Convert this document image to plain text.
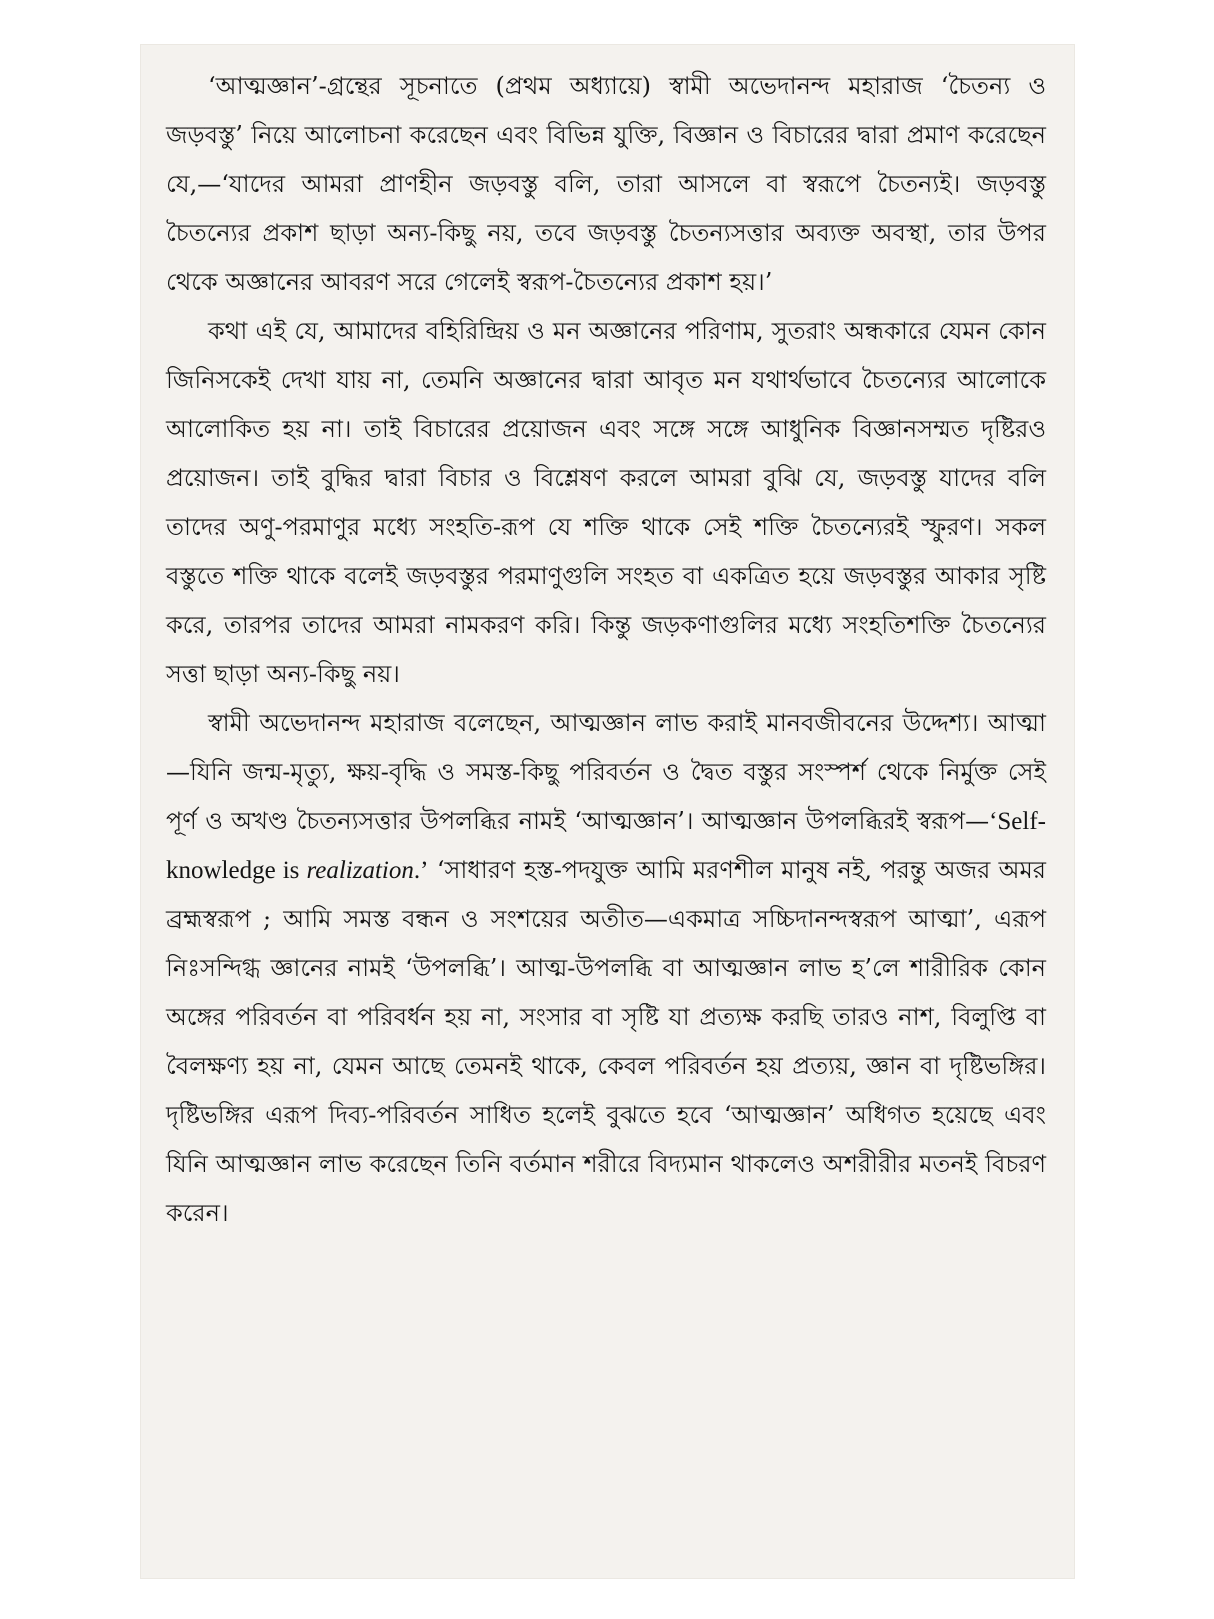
‘আত্মজ্ঞান’-গ্রন্থের সূচনাতে (প্রথম অধ্যায়ে) স্বামী অভেদানন্দ মহারাজ ‘চৈতন্য ও জড়বস্তু’ নিয়ে আলোচনা করেছেন এবং বিভিন্ন যুক্তি, বিজ্ঞান ও বিচারের দ্বারা প্রমাণ করেছেন যে,—‘যাদের আমরা প্রাণহীন জড়বস্তু বলি, তারা আসলে বা স্বরূপে চৈতন্যই। জড়বস্তু চৈতন্যের প্রকাশ ছাড়া অন্য-কিছু নয়, তবে জড়বস্তু চৈতন্যসত্তার অব্যক্ত অবস্থা, তার উপর থেকে অজ্ঞানের আবরণ সরে গেলেই স্বরূপ-চৈতন্যের প্রকাশ হয়।’

কথা এই যে, আমাদের বহিরিন্দ্রিয় ও মন অজ্ঞানের পরিণাম, সুতরাং অন্ধকারে যেমন কোন জিনিসকেই দেখা যায় না, তেমনি অজ্ঞানের দ্বারা আবৃত মন যথার্থভাবে চৈতন্যের আলোকে আলোকিত হয় না। তাই বিচারের প্রয়োজন এবং সঙ্গে সঙ্গে আধুনিক বিজ্ঞানসম্মত দৃষ্টিরও প্রয়োজন। তাই বুদ্ধির দ্বারা বিচার ও বিশ্লেষণ করলে আমরা বুঝি যে, জড়বস্তু যাদের বলি তাদের অণু-পরমাণুর মধ্যে সংহতি-রূপ যে শক্তি থাকে সেই শক্তি চৈতন্যেরই স্ফুরণ। সকল বস্তুতে শক্তি থাকে বলেই জড়বস্তুর পরমাণুগুলি সংহত বা একত্রিত হয়ে জড়বস্তুর আকার সৃষ্টি করে, তারপর তাদের আমরা নামকরণ করি। কিন্তু জড়কণাগুলির মধ্যে সংহতিশক্তি চৈতন্যের সত্তা ছাড়া অন্য-কিছু নয়।

স্বামী অভেদানন্দ মহারাজ বলেছেন, আত্মজ্ঞান লাভ করাই মানবজীবনের উদ্দেশ্য। আত্মা—যিনি জন্ম-মৃত্যু, ক্ষয়-বৃদ্ধি ও সমস্ত-কিছু পরিবর্তন ও দ্বৈত বস্তুর সংস্পর্শ থেকে নির্মুক্ত সেই পূর্ণ ও অখণ্ড চৈতন্যসত্তার উপলব্ধির নামই ‘আত্মজ্ঞান’। আত্মজ্ঞান উপলব্ধিরই স্বরূপ—‘Self-knowledge is realization.’ ‘সাধারণ হস্ত-পদযুক্ত আমি মরণশীল মানুষ নই, পরন্তু অজর অমর ব্রহ্মস্বরূপ ; আমি সমস্ত বন্ধন ও সংশয়ের অতীত—একমাত্র সচ্চিদানন্দস্বরূপ আত্মা’, এরূপ নিঃসন্দিগ্ধ জ্ঞানের নামই ‘উপলব্ধি’। আত্ম-উপলব্ধি বা আত্মজ্ঞান লাভ হ’লে শারীরিক কোন অঙ্গের পরিবর্তন বা পরিবর্ধন হয় না, সংসার বা সৃষ্টি যা প্রত্যক্ষ করছি তারও নাশ, বিলুপ্তি বা বৈলক্ষণ্য হয় না, যেমন আছে তেমনই থাকে, কেবল পরিবর্তন হয় প্রত্যয়, জ্ঞান বা দৃষ্টিভঙ্গির। দৃষ্টিভঙ্গির এরূপ দিব্য-পরিবর্তন সাধিত হলেই বুঝতে হবে ‘আত্মজ্ঞান’ অধিগত হয়েছে এবং যিনি আত্মজ্ঞান লাভ করেছেন তিনি বর্তমান শরীরে বিদ্যমান থাকলেও অশরীরীর মতনই বিচরণ করেন।
